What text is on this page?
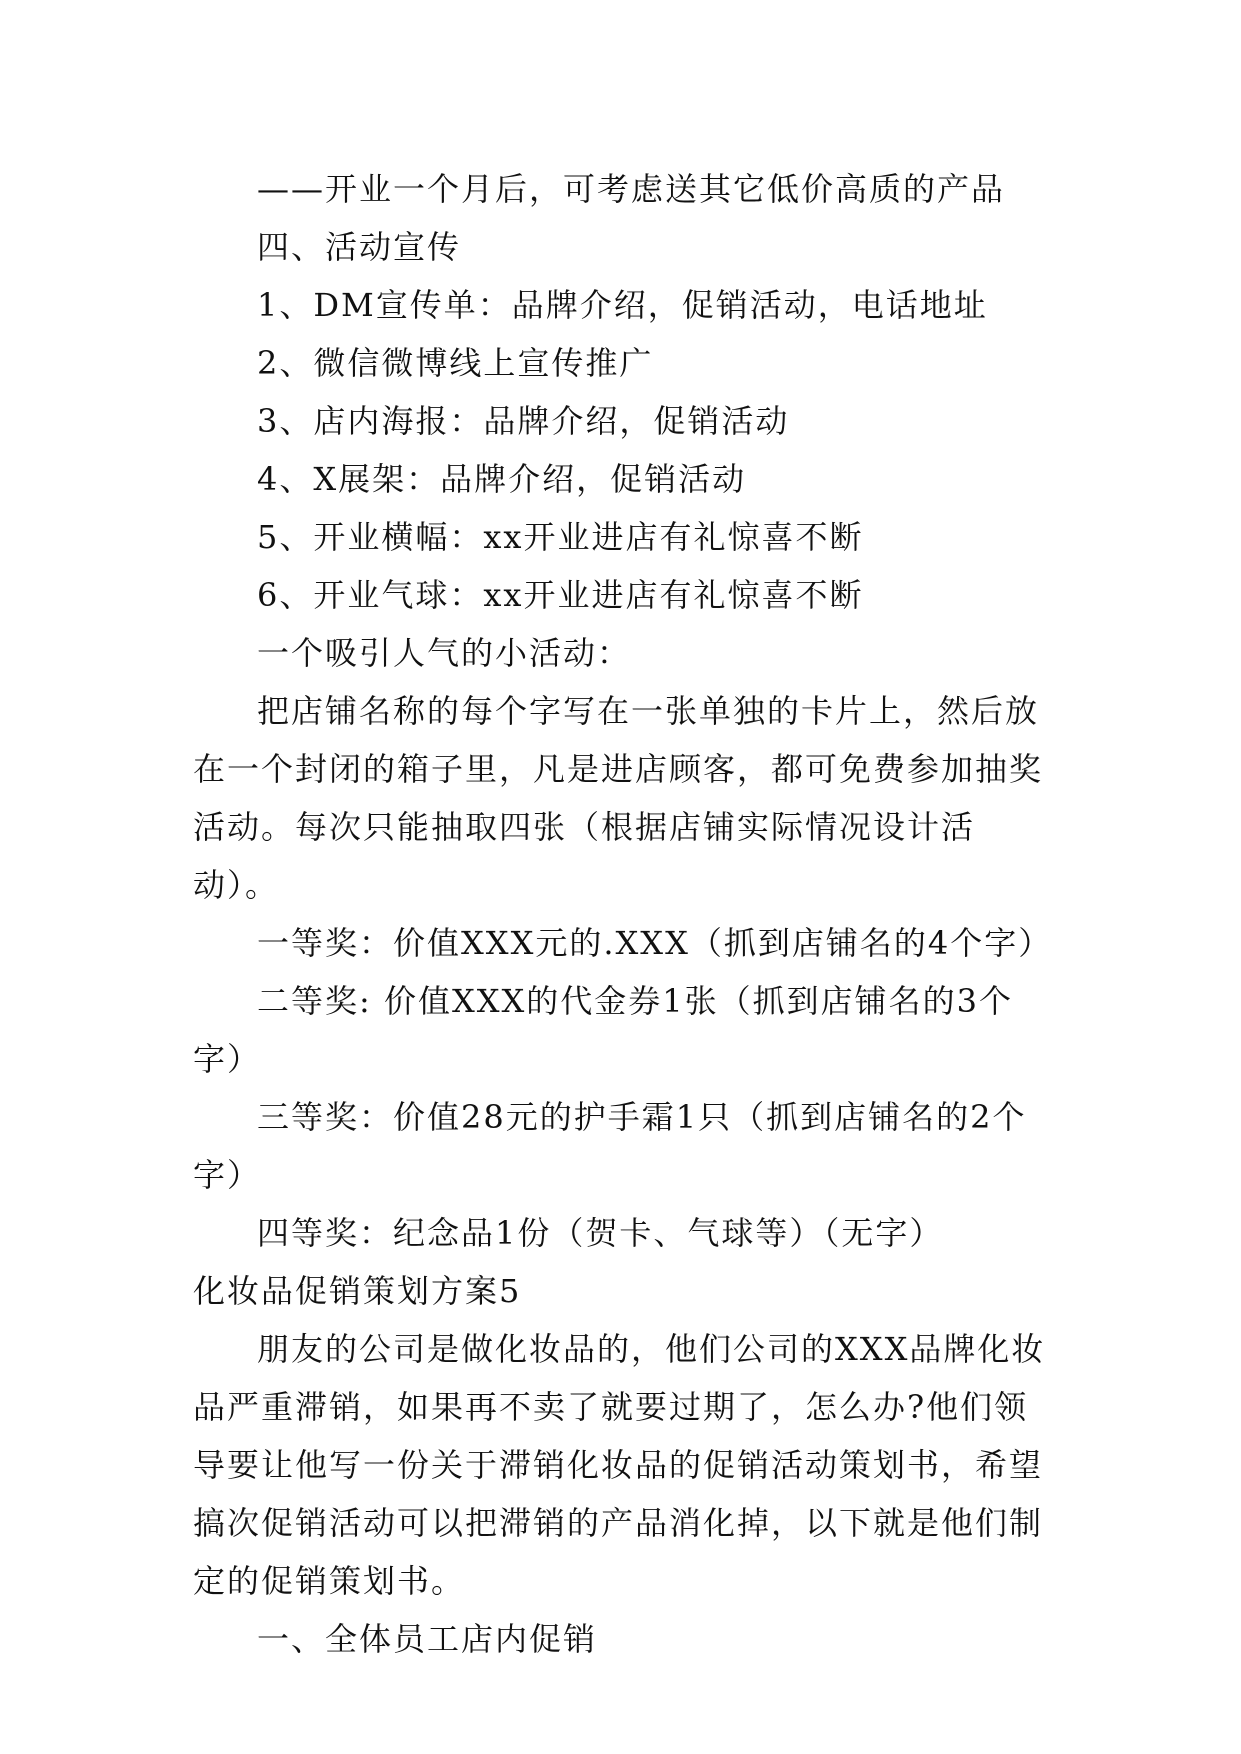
——开业一个月后，可考虑送其它低价高质的产品

四、活动宣传

1、DM宣传单：品牌介绍，促销活动，电话地址

2、微信微博线上宣传推广

3、店内海报：品牌介绍，促销活动

4、X展架：品牌介绍，促销活动

5、开业横幅：xx开业进店有礼惊喜不断

6、开业气球：xx开业进店有礼惊喜不断

一个吸引人气的小活动：

把店铺名称的每个字写在一张单独的卡片上，然后放在一个封闭的箱子里，凡是进店顾客，都可免费参加抽奖活动。每次只能抽取四张（根据店铺实际情况设计活动）。

一等奖：价值XXX元的.XXX（抓到店铺名的4个字）

二等奖: 价值XXX的代金券1张（抓到店铺名的3个字）

三等奖：价值28元的护手霜1只（抓到店铺名的2个字）

四等奖：纪念品1份（贺卡、气球等）（无字）

化妆品促销策划方案5

朋友的公司是做化妆品的，他们公司的XXX品牌化妆品严重滞销，如果再不卖了就要过期了，怎么办?他们领导要让他写一份关于滞销化妆品的促销活动策划书，希望搞次促销活动可以把滞销的产品消化掉，以下就是他们制定的促销策划书。

一、全体员工店内促销
